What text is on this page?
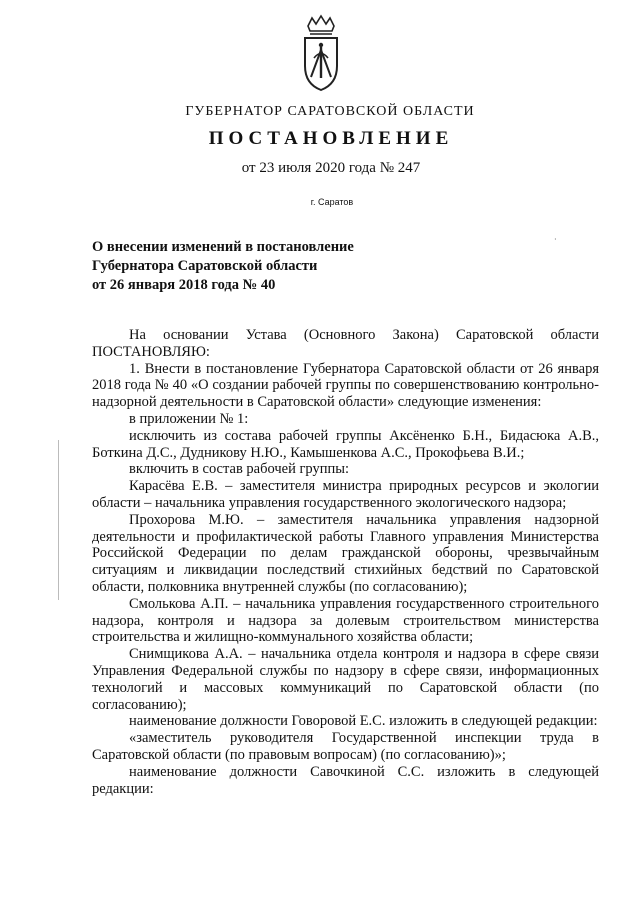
ГУБЕРНАТОР САРАТОВСКОЙ ОБЛАСТИ
ПОСТАНОВЛЕНИЕ
от 23 июля 2020 года № 247
г. Саратов
О внесении изменений в постановление
Губернатора Саратовской области
от 26 января 2018 года № 40
·

На основании Устава (Основного Закона) Саратовской области

ПОСТАНОВЛЯЮ:

1. Внести в постановление Губернатора Саратовской области от 26 января 2018 года № 40 «О создании рабочей группы по совершенствованию контрольно-надзорной деятельности в Саратовской области» следующие изменения:

в приложении № 1:

исключить из состава рабочей группы Аксёненко Б.Н., Бидасюка А.В., Боткина Д.С., Дудникову Н.Ю., Камышенкова А.С., Прокофьева В.И.;

включить в состав рабочей группы:

Карасёва Е.В. – заместителя министра природных ресурсов и экологии области – начальника управления государственного экологического надзора;

Прохорова М.Ю. – заместителя начальника управления надзорной деятельности и профилактической работы Главного управления Министерства Российской Федерации по делам гражданской обороны, чрезвычайным ситуациям и ликвидации последствий стихийных бедствий по Саратовской области, полковника внутренней службы (по согласованию);

Смолькова А.П. – начальника управления государственного строительного надзора, контроля и надзора за долевым строительством министерства строительства и жилищно-коммунального хозяйства области;

Снимщикова А.А. – начальника отдела контроля и надзора в сфере связи Управления Федеральной службы по надзору в сфере связи, информационных технологий и массовых коммуникаций по Саратовской области (по согласованию);

наименование должности Говоровой Е.С. изложить в следующей редакции:

«заместитель руководителя Государственной инспекции труда в Саратовской области (по правовым вопросам) (по согласованию)»;

наименование должности Савочкиной С.С. изложить в следующей редакции:
